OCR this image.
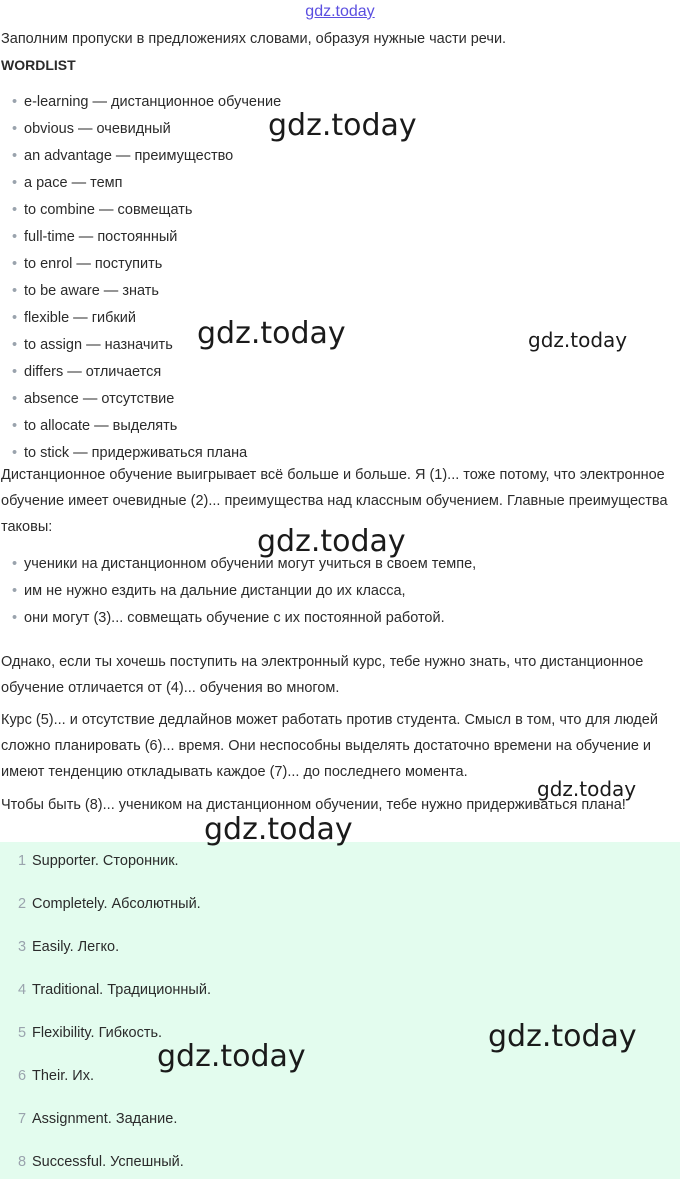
gdz.today
Заполним пропуски в предложениях словами, образуя нужные части речи.
WORDLIST
• e-learning — дистанционное обучение
• obvious — очевидный
• an advantage — преимущество
• a pace — темп
• to combine — совмещать
• full-time — постоянный
• to enrol — поступить
• to be aware — знать
• flexible — гибкий
• to assign — назначить
• differs — отличается
• absence — отсутствие
• to allocate — выделять
• to stick — придерживаться плана

Дистанционное обучение выигрывает всё больше и больше. Я (1)... тоже потому, что электронное обучение имеет очевидные (2)... преимущества над классным обучением. Главные преимущества таковы:

• ученики на дистанционном обучении могут учиться в своем темпе,
• им не нужно ездить на дальние дистанции до их класса,
• они могут (3)... совмещать обучение с их постоянной работой.

Однако, если ты хочешь поступить на электронный курс, тебе нужно знать, что дистанционное обучение отличается от (4)... обучения во многом.

Курс (5)... и отсутствие дедлайнов может работать против студента. Смысл в том, что для людей сложно планировать (6)... время. Они неспособны выделять достаточно времени на обучение и имеют тенденцию откладывать каждое (7)... до последнего момента.

Чтобы быть (8)... учеником на дистанционном обучении, тебе нужно придерживаться плана!

1 Supporter. Сторонник.
2 Completely. Абсолютный.
3 Easily. Легко.
4 Traditional. Традиционный.
5 Flexibility. Гибкость.
6 Their. Их.
7 Assignment. Задание.
8 Successful. Успешный.
gdz.today
gdz.today	gdz.today
gdz.today
gdz.today
gdz.today
gdz.today
gdz.today
